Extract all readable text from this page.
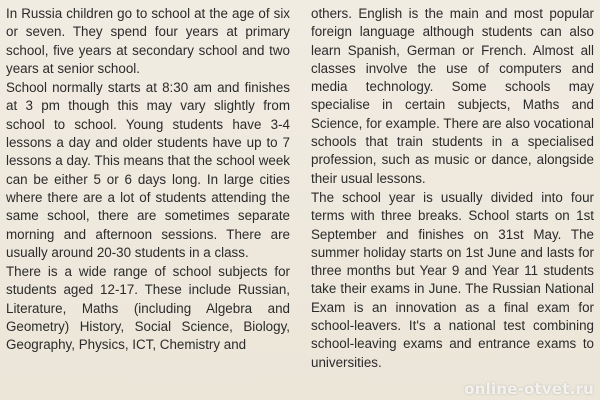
In Russia children go to school at the age of six or seven. They spend four years at primary school, five years at secondary school and two years at senior school.

School normally starts at 8:30 am and finishes at 3 pm though this may vary slightly from school to school. Young students have 3-4 lessons a day and older students have up to 7 lessons a day. This means that the school week can be either 5 or 6 days long. In large cities where there are a lot of students attending the same school, there are sometimes separate morning and afternoon sessions. There are usually around 20-30 students in a class.

There is a wide range of school subjects for students aged 12-17. These include Russian, Literature, Maths (including Algebra and Geometry) History, Social Science, Biology, Geography, Physics, ICT, Chemistry and

others. English is the main and most popular foreign language although students can also learn Spanish, German or French. Almost all classes involve the use of computers and media technology. Some schools may specialise in certain subjects, Maths and Science, for example. There are also vocational schools that train students in a specialised profession, such as music or dance, alongside their usual lessons.

The school year is usually divided into four terms with three breaks. School starts on 1st September and finishes on 31st May. The summer holiday starts on 1st June and lasts for three months but Year 9 and Year 11 students take their exams in June. The Russian National Exam is an innovation as a final exam for school-leavers. It's a national test combining school-leaving exams and entrance exams to universities.

online-otvet.ru
